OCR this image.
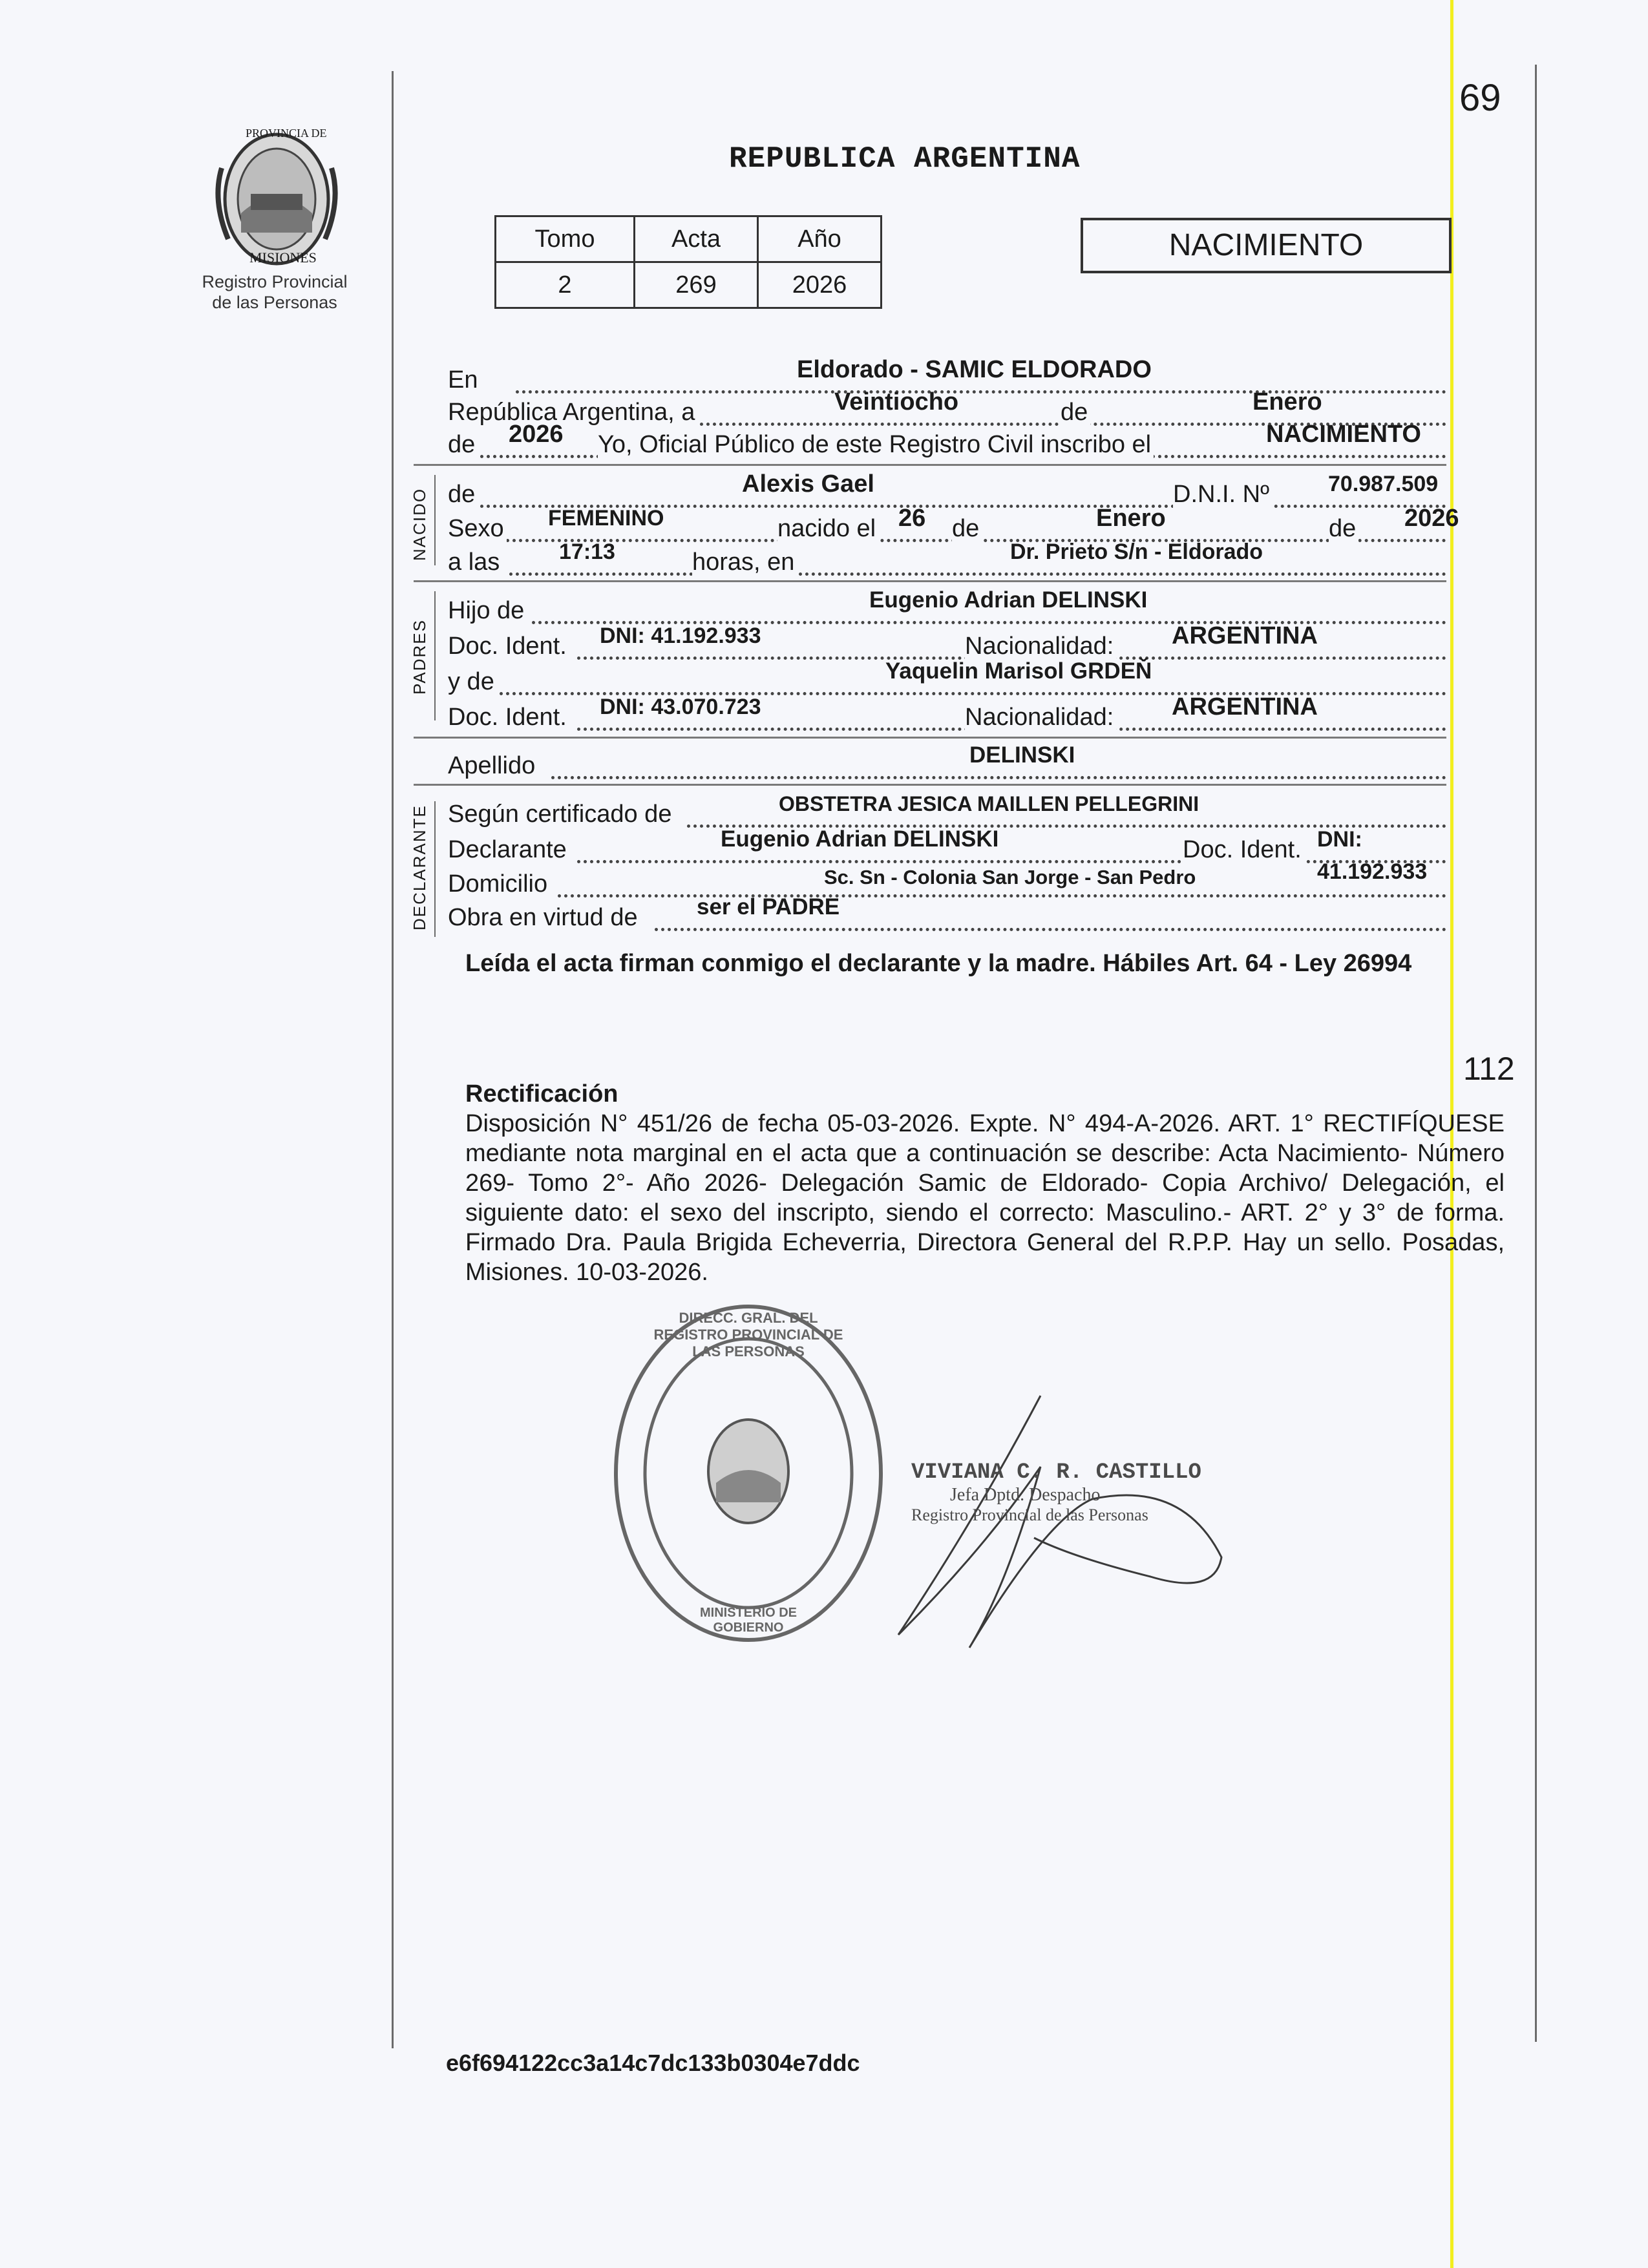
69
PROVINCIA DE
MISIONES
Registro Provincial
de las Personas
REPUBLICA ARGENTINA
Tomo	Acta	Año
2	269	2026
NACIMIENTO
En	Eldorado - SAMIC ELDORADO
República Argentina, a	Veintiocho	de	Enero
de 2026 Yo, Oficial Público de este Registro Civil inscribo el	NACIMIENTO
NACIDO de	Alexis Gael	D.N.I. Nº	70.987.509
Sexo FEMENINO	nacido el 26 de	Enero	de 2026
a las	17:13	horas, en	Dr. Prieto S/n - Eldorado
PADRES
Hijo de	Eugenio Adrian DELINSKI
Doc. Ident. DNI: 41.192.933	Nacionalidad: ARGENTINA
y de	Yaquelin Marisol GRDEŇ
Doc. Ident. DNI: 43.070.723	Nacionalidad: ARGENTINA
Apellido	DELINSKI
DECLARANTE Según certificado de	OBSTETRA JESICA MAILLEN PELLEGRINI
Declarante	Eugenio Adrian DELINSKI	Doc. Ident. DNI: 41.192.933
Domicilio	Sc. Sn - Colonia San Jorge - San Pedro
Obra en virtud de	ser el PADRE
Leída el acta firman conmigo el declarante y la madre. Hábiles Art. 64 - Ley 26994
112
Rectificación
Disposición N° 451/26 de fecha 05-03-2026. Expte. N° 494-A-2026. ART. 1° RECTIFÍQUESE mediante nota marginal en el acta que a continuación se describe: Acta Nacimiento- Número 269- Tomo 2°- Año 2026- Delegación Samic de Eldorado- Copia Archivo/ Delegación, el siguiente dato: el sexo del inscripto, siendo el correcto: Masculino.- ART. 2° y 3° de forma. Firmado Dra. Paula Brigida Echeverria, Directora General del R.P.P. Hay un sello. Posadas, Misiones. 10-03-2026.
DIRECC. GRAL. DEL REGISTRO PROVINCIAL DE LAS PERSONAS
MINISTERIO DE GOBIERNO
VIVIANA C. R. CASTILLO
Jefa Dptd. Despacho
Registro Provincial de las Personas
e6f694122cc3a14c7dc133b0304e7ddc
